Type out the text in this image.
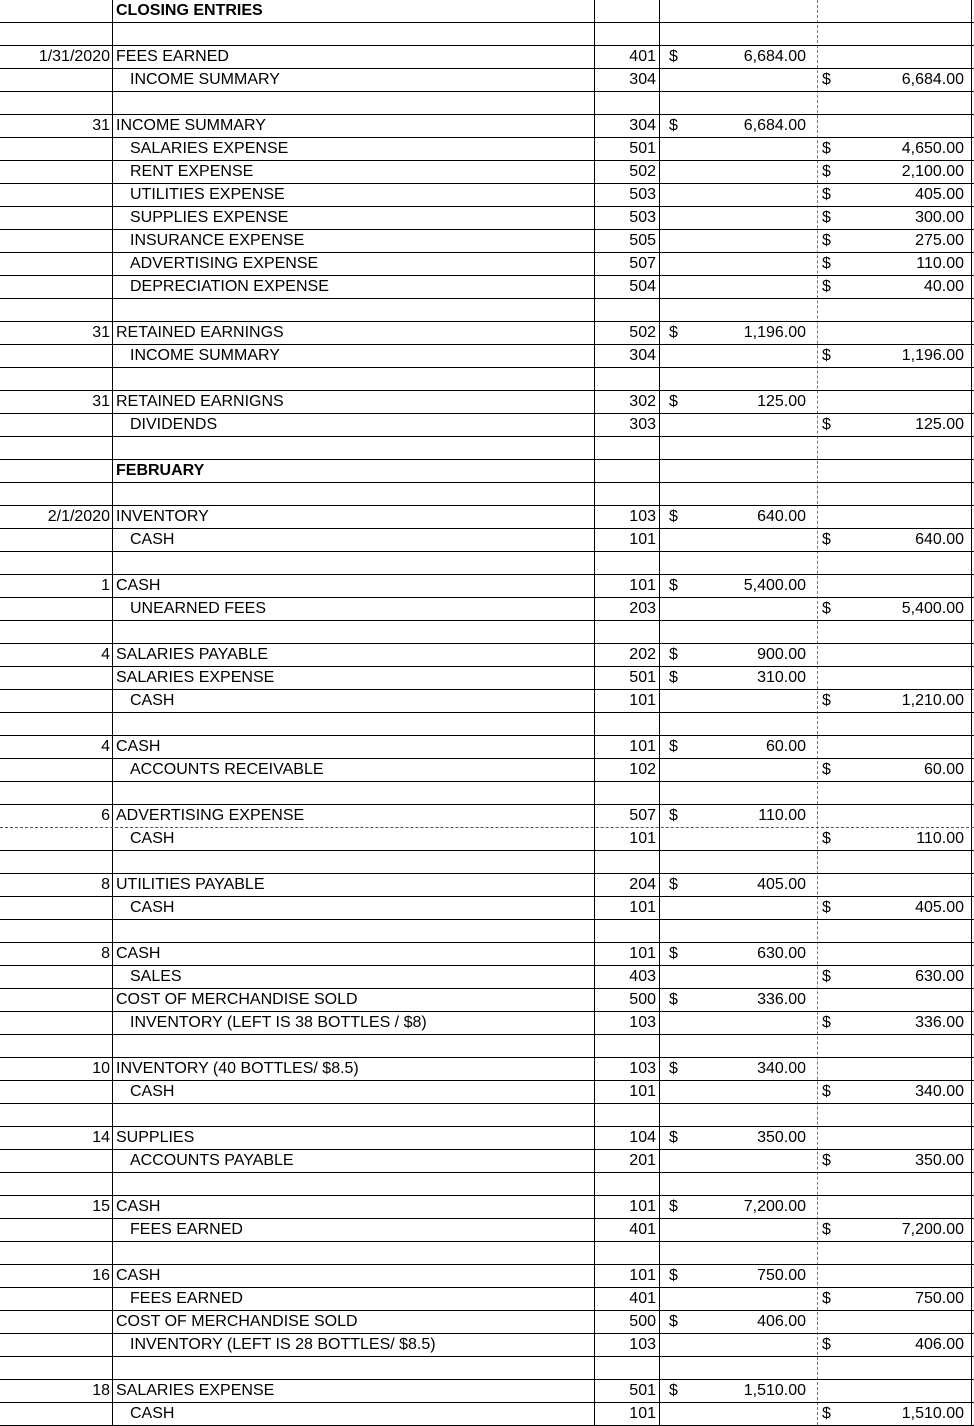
CLOSING ENTRIES
1/31/2020 FEES EARNED	401 $	6,684.00
INCOME SUMMARY	304	$	6,684.00
31 INCOME SUMMARY	304 $	6,684.00
SALARIES EXPENSE	501	$	4,650.00
RENT EXPENSE	502	$	2,100.00
UTILITIES EXPENSE	503	$	405.00
SUPPLIES EXPENSE	503	$	300.00
INSURANCE EXPENSE	505	$	275.00
ADVERTISING EXPENSE	507	$	110.00
DEPRECIATION EXPENSE	504	$	40.00
31 RETAINED EARNINGS	502 $	1,196.00
INCOME SUMMARY	304	$	1,196.00
31 RETAINED EARNIGNS	302 $	125.00
DIVIDENDS	303	$	125.00
FEBRUARY
2/1/2020 INVENTORY	103 $	640.00
CASH	101	$	640.00
1 CASH	101 $	5,400.00
UNEARNED FEES	203	$	5,400.00
4 SALARIES PAYABLE	202 $	900.00
SALARIES EXPENSE	501 $	310.00
CASH	101	$	1,210.00
4 CASH	101 $	60.00
ACCOUNTS RECEIVABLE	102	$	60.00
6 ADVERTISING EXPENSE	507 $	110.00
CASH	101	$	110.00
8 UTILITIES PAYABLE	204 $	405.00
CASH	101	$	405.00
8 CASH	101 $	630.00
SALES	403	$	630.00
COST OF MERCHANDISE SOLD	500 $	336.00
INVENTORY (LEFT IS 38 BOTTLES / $8)	103	$	336.00
10 INVENTORY (40 BOTTLES/ $8.5)	103 $	340.00
CASH	101	$	340.00
14 SUPPLIES	104 $	350.00
ACCOUNTS PAYABLE	201	$	350.00
15 CASH	101 $	7,200.00
FEES EARNED	401	$	7,200.00
16 CASH	101 $	750.00
FEES EARNED	401	$	750.00
COST OF MERCHANDISE SOLD	500 $	406.00
INVENTORY (LEFT IS 28 BOTTLES/ $8.5)	103	$	406.00
18 SALARIES EXPENSE	501 $	1,510.00
CASH	101	$	1,510.00
